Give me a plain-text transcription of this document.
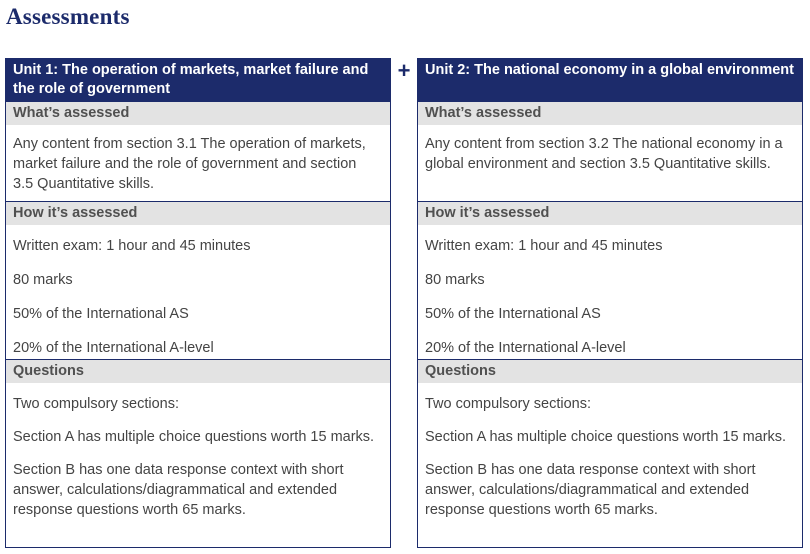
Assessments
+
Unit 1: The operation of markets, market failure and the role of government
What’s assessed

Any content from section 3.1 The operation of markets, market failure and the role of government and section 3.5 Quantitative skills.

How it’s assessed

Written exam: 1 hour and 45 minutes

80 marks

50% of the International AS

20% of the International A-level

Questions

Two compulsory sections:

Section A has multiple choice questions worth 15 marks.

Section B has one data response context with short answer, calculations/diagrammatical and extended response questions worth 65 marks.

Unit 2: The national economy in a global environment
What’s assessed

Any content from section 3.2 The national economy in a global environment and section 3.5 Quantitative skills.

How it’s assessed

Written exam: 1 hour and 45 minutes

80 marks

50% of the International AS

20% of the International A-level

Questions

Two compulsory sections:

Section A has multiple choice questions worth 15 marks.

Section B has one data response context with short answer, calculations/diagrammatical and extended response questions worth 65 marks.
